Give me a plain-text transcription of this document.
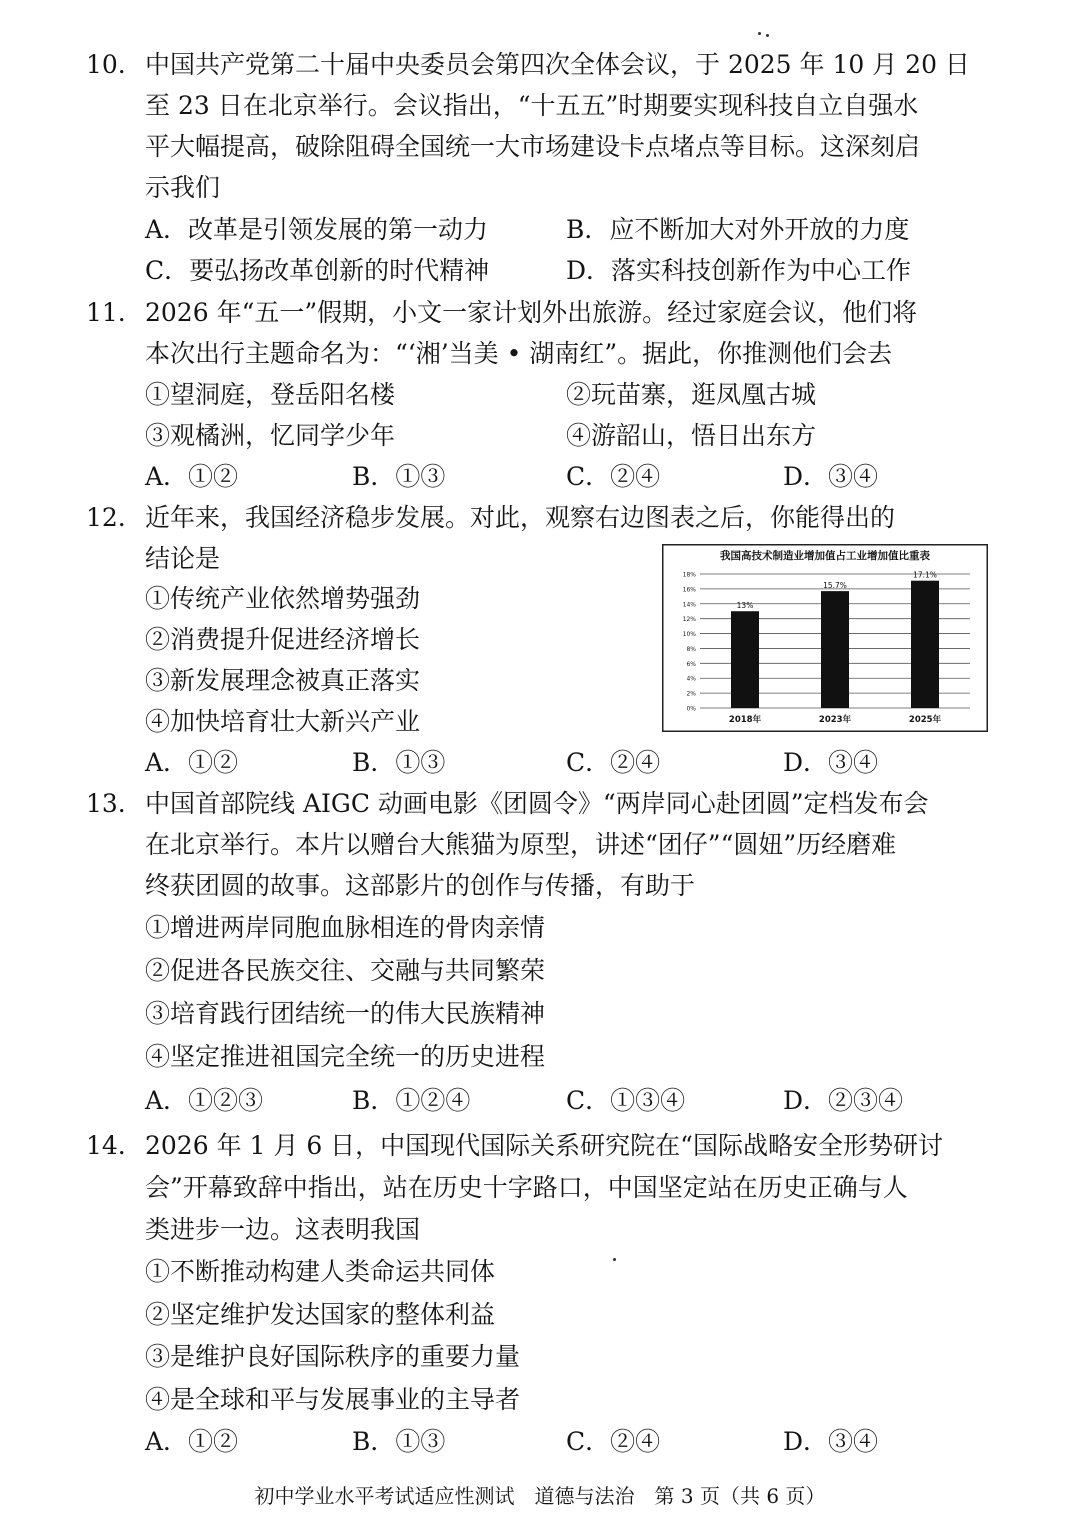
10. 中国共产党第二十届中央委员会第四次全体会议，于 2025 年 10 月 20 日
至 23 日在北京举行。会议指出，“十五五”时期要实现科技自立自强水
平大幅提高，破除阻碍全国统一大市场建设卡点堵点等目标。这深刻启
示我们
A．改革是引领发展的第一动力	B．应不断加大对外开放的力度
C．要弘扬改革创新的时代精神	D．落实科技创新作为中心工作
11. 2026 年“五一”假期，小文一家计划外出旅游。经过家庭会议，他们将
本次出行主题命名为：“‘湘’当美 • 湖南红”。据此，你推测他们会去
①望洞庭，登岳阳名楼	②玩苗寨，逛凤凰古城
③观橘洲，忆同学少年	④游韶山，悟日出东方
A．①②	B．①③	C．②④	D．③④
12. 近年来，我国经济稳步发展。对此，观察右边图表之后，你能得出的
结论是
①传统产业依然增势强劲
②消费提升促进经济增长
③新发展理念被真正落实
④加快培育壮大新兴产业
A．①②	B．①③	C．②④	D．③④
我国高技术制造业增加值占工业增加值比重表
0%
2%
4%
6%
8%
10%
12%
14%
16%
18%
13%
15.7%
17.1%
2018年	2023年	2025年
13. 中国首部院线 AIGC 动画电影《团圆令》“两岸同心赴团圆”定档发布会
在北京举行。本片以赠台大熊猫为原型，讲述“团仔”“圆妞”历经磨难
终获团圆的故事。这部影片的创作与传播，有助于
①增进两岸同胞血脉相连的骨肉亲情
②促进各民族交往、交融与共同繁荣
③培育践行团结统一的伟大民族精神
④坚定推进祖国完全统一的历史进程
A．①②③	B．①②④	C．①③④	D．②③④
14. 2026 年 1 月 6 日，中国现代国际关系研究院在“国际战略安全形势研讨
会”开幕致辞中指出，站在历史十字路口，中国坚定站在历史正确与人
类进步一边。这表明我国
①不断推动构建人类命运共同体
②坚定维护发达国家的整体利益
③是维护良好国际秩序的重要力量
④是全球和平与发展事业的主导者
A．①②	B．①③	C．②④	D．③④
初中学业水平考试适应性测试　道德与法治　第 3 页（共 6 页）
